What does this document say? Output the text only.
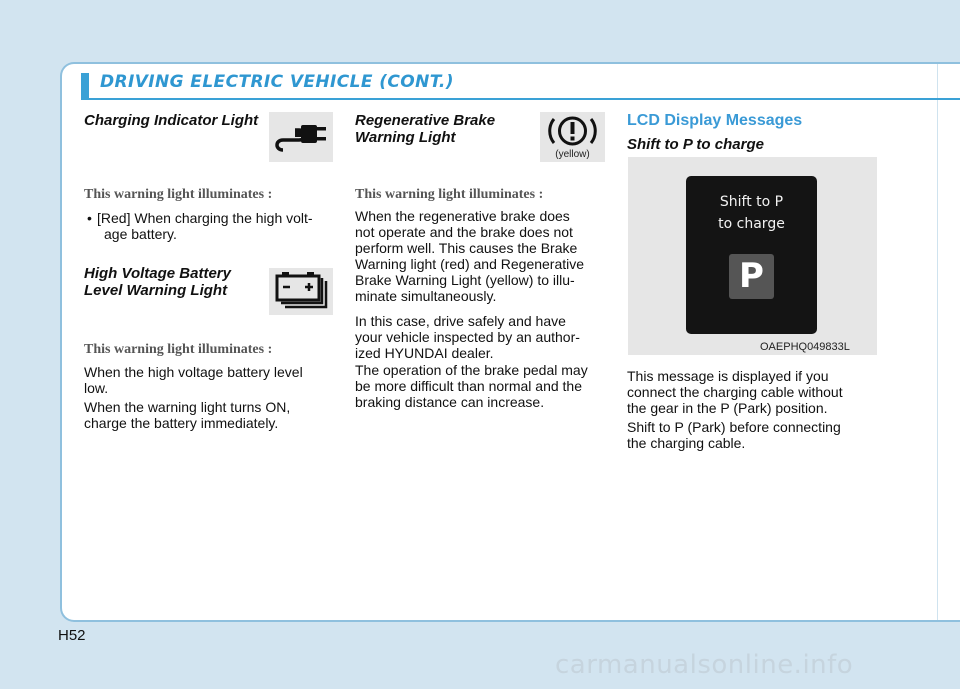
DRIVING ELECTRIC VEHICLE (CONT.)
Charging Indicator Light
This warning light illuminates :
• [Red] When charging the high volt-
age battery.
High Voltage Battery
Level Warning Light
This warning light illuminates :
When the high voltage battery level
low.
When the warning light turns ON,
charge the battery immediately.
Regenerative Brake
Warning Light
(yellow)
This warning light illuminates :
When the regenerative brake does
not operate and the brake does not
perform well. This causes the Brake
Warning light (red) and Regenerative
Brake Warning Light (yellow) to illu-
minate simultaneously.
In this case, drive safely and have
your vehicle inspected by an author-
ized HYUNDAI dealer.
The operation of the brake pedal may
be more difficult than normal and the
braking distance can increase.
LCD Display Messages
Shift to P to charge
Shift to P
to charge
P
OAEPHQ049833L
This message is displayed if you
connect the charging cable without
the gear in the P (Park) position.
Shift to P (Park) before connecting
the charging cable.
H52
carmanualsonline.info
